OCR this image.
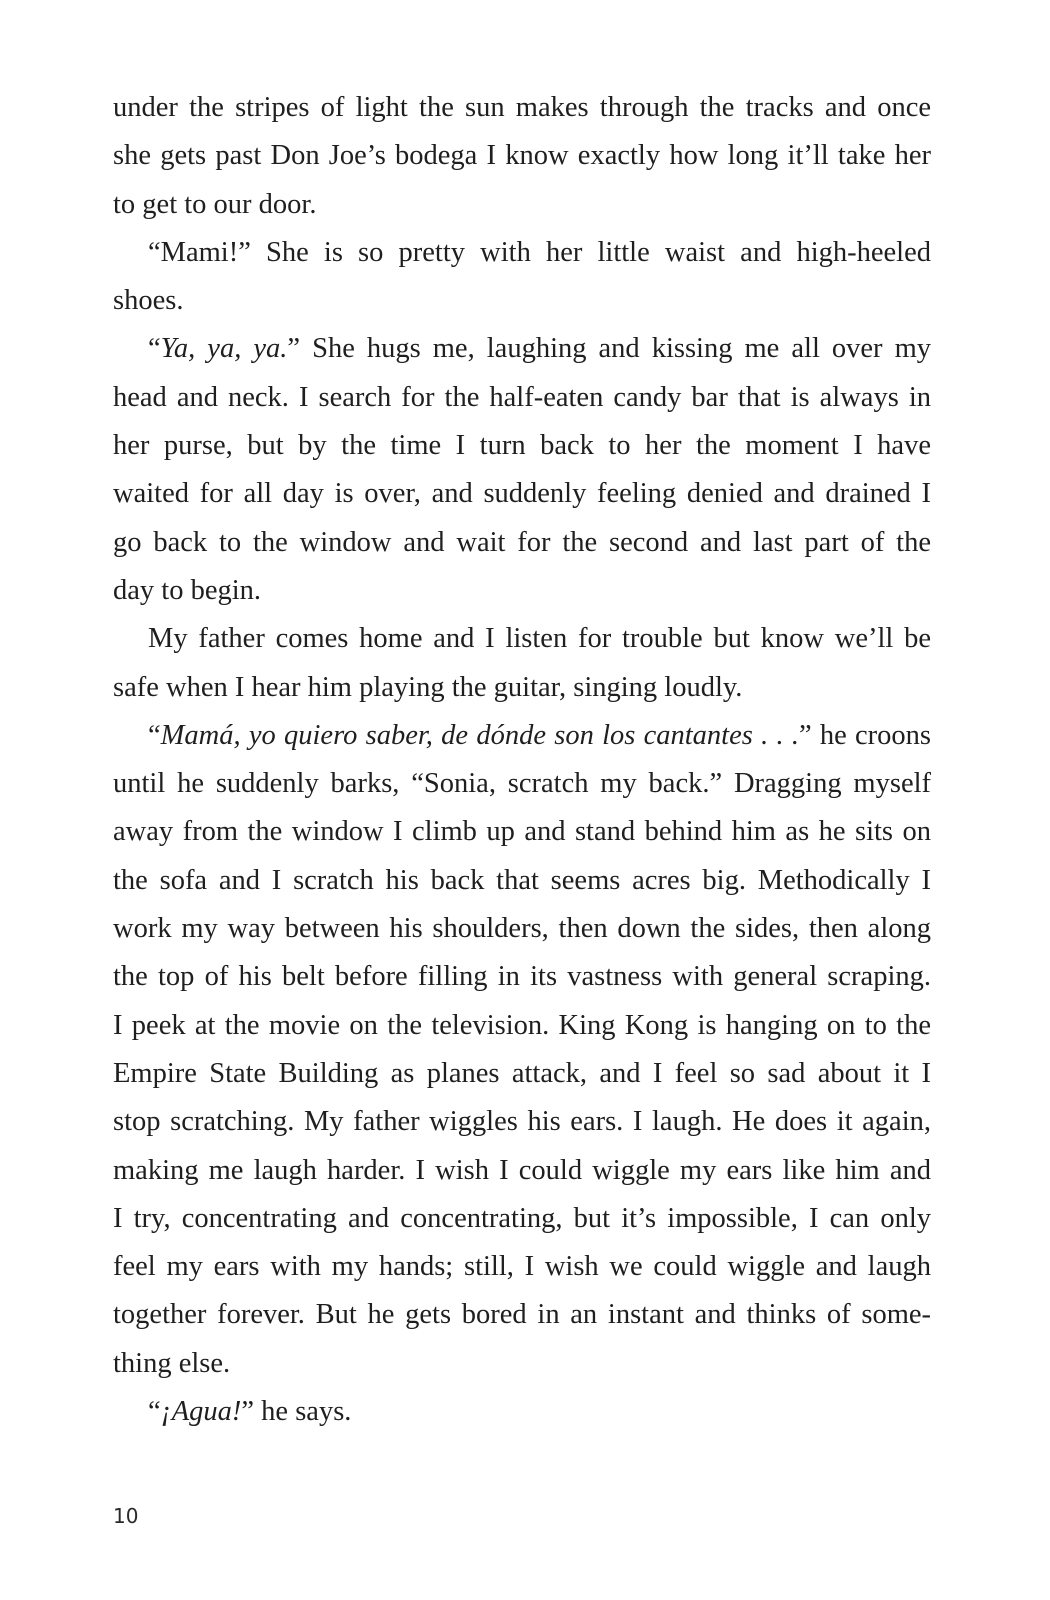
under the stripes of light the sun makes through the tracks and once
she gets past Don Joe’s bodega I know exactly how long it’ll take her
to get to our door.
“Mami!” She is so pretty with her little waist and high-heeled
shoes.
“Ya, ya, ya.” She hugs me, laughing and kissing me all over my
head and neck. I search for the half-eaten candy bar that is always in
her purse, but by the time I turn back to her the moment I have
waited for all day is over, and suddenly feeling denied and drained I
go back to the window and wait for the second and last part of the
day to begin.
My father comes home and I listen for trouble but know we’ll be
safe when I hear him playing the guitar, singing loudly.
“Mamá, yo quiero saber, de dónde son los cantantes . . .” he croons
until he suddenly barks, “Sonia, scratch my back.” Dragging myself
away from the window I climb up and stand behind him as he sits on
the sofa and I scratch his back that seems acres big. Methodically I
work my way between his shoulders, then down the sides, then along
the top of his belt before filling in its vastness with general scraping.
I peek at the movie on the television. King Kong is hanging on to the
Empire State Building as planes attack, and I feel so sad about it I
stop scratching. My father wiggles his ears. I laugh. He does it again,
making me laugh harder. I wish I could wiggle my ears like him and
I try, concentrating and concentrating, but it’s impossible, I can only
feel my ears with my hands; still, I wish we could wiggle and laugh
together forever. But he gets bored in an instant and thinks of some-
thing else.
“¡Agua!” he says.
10
